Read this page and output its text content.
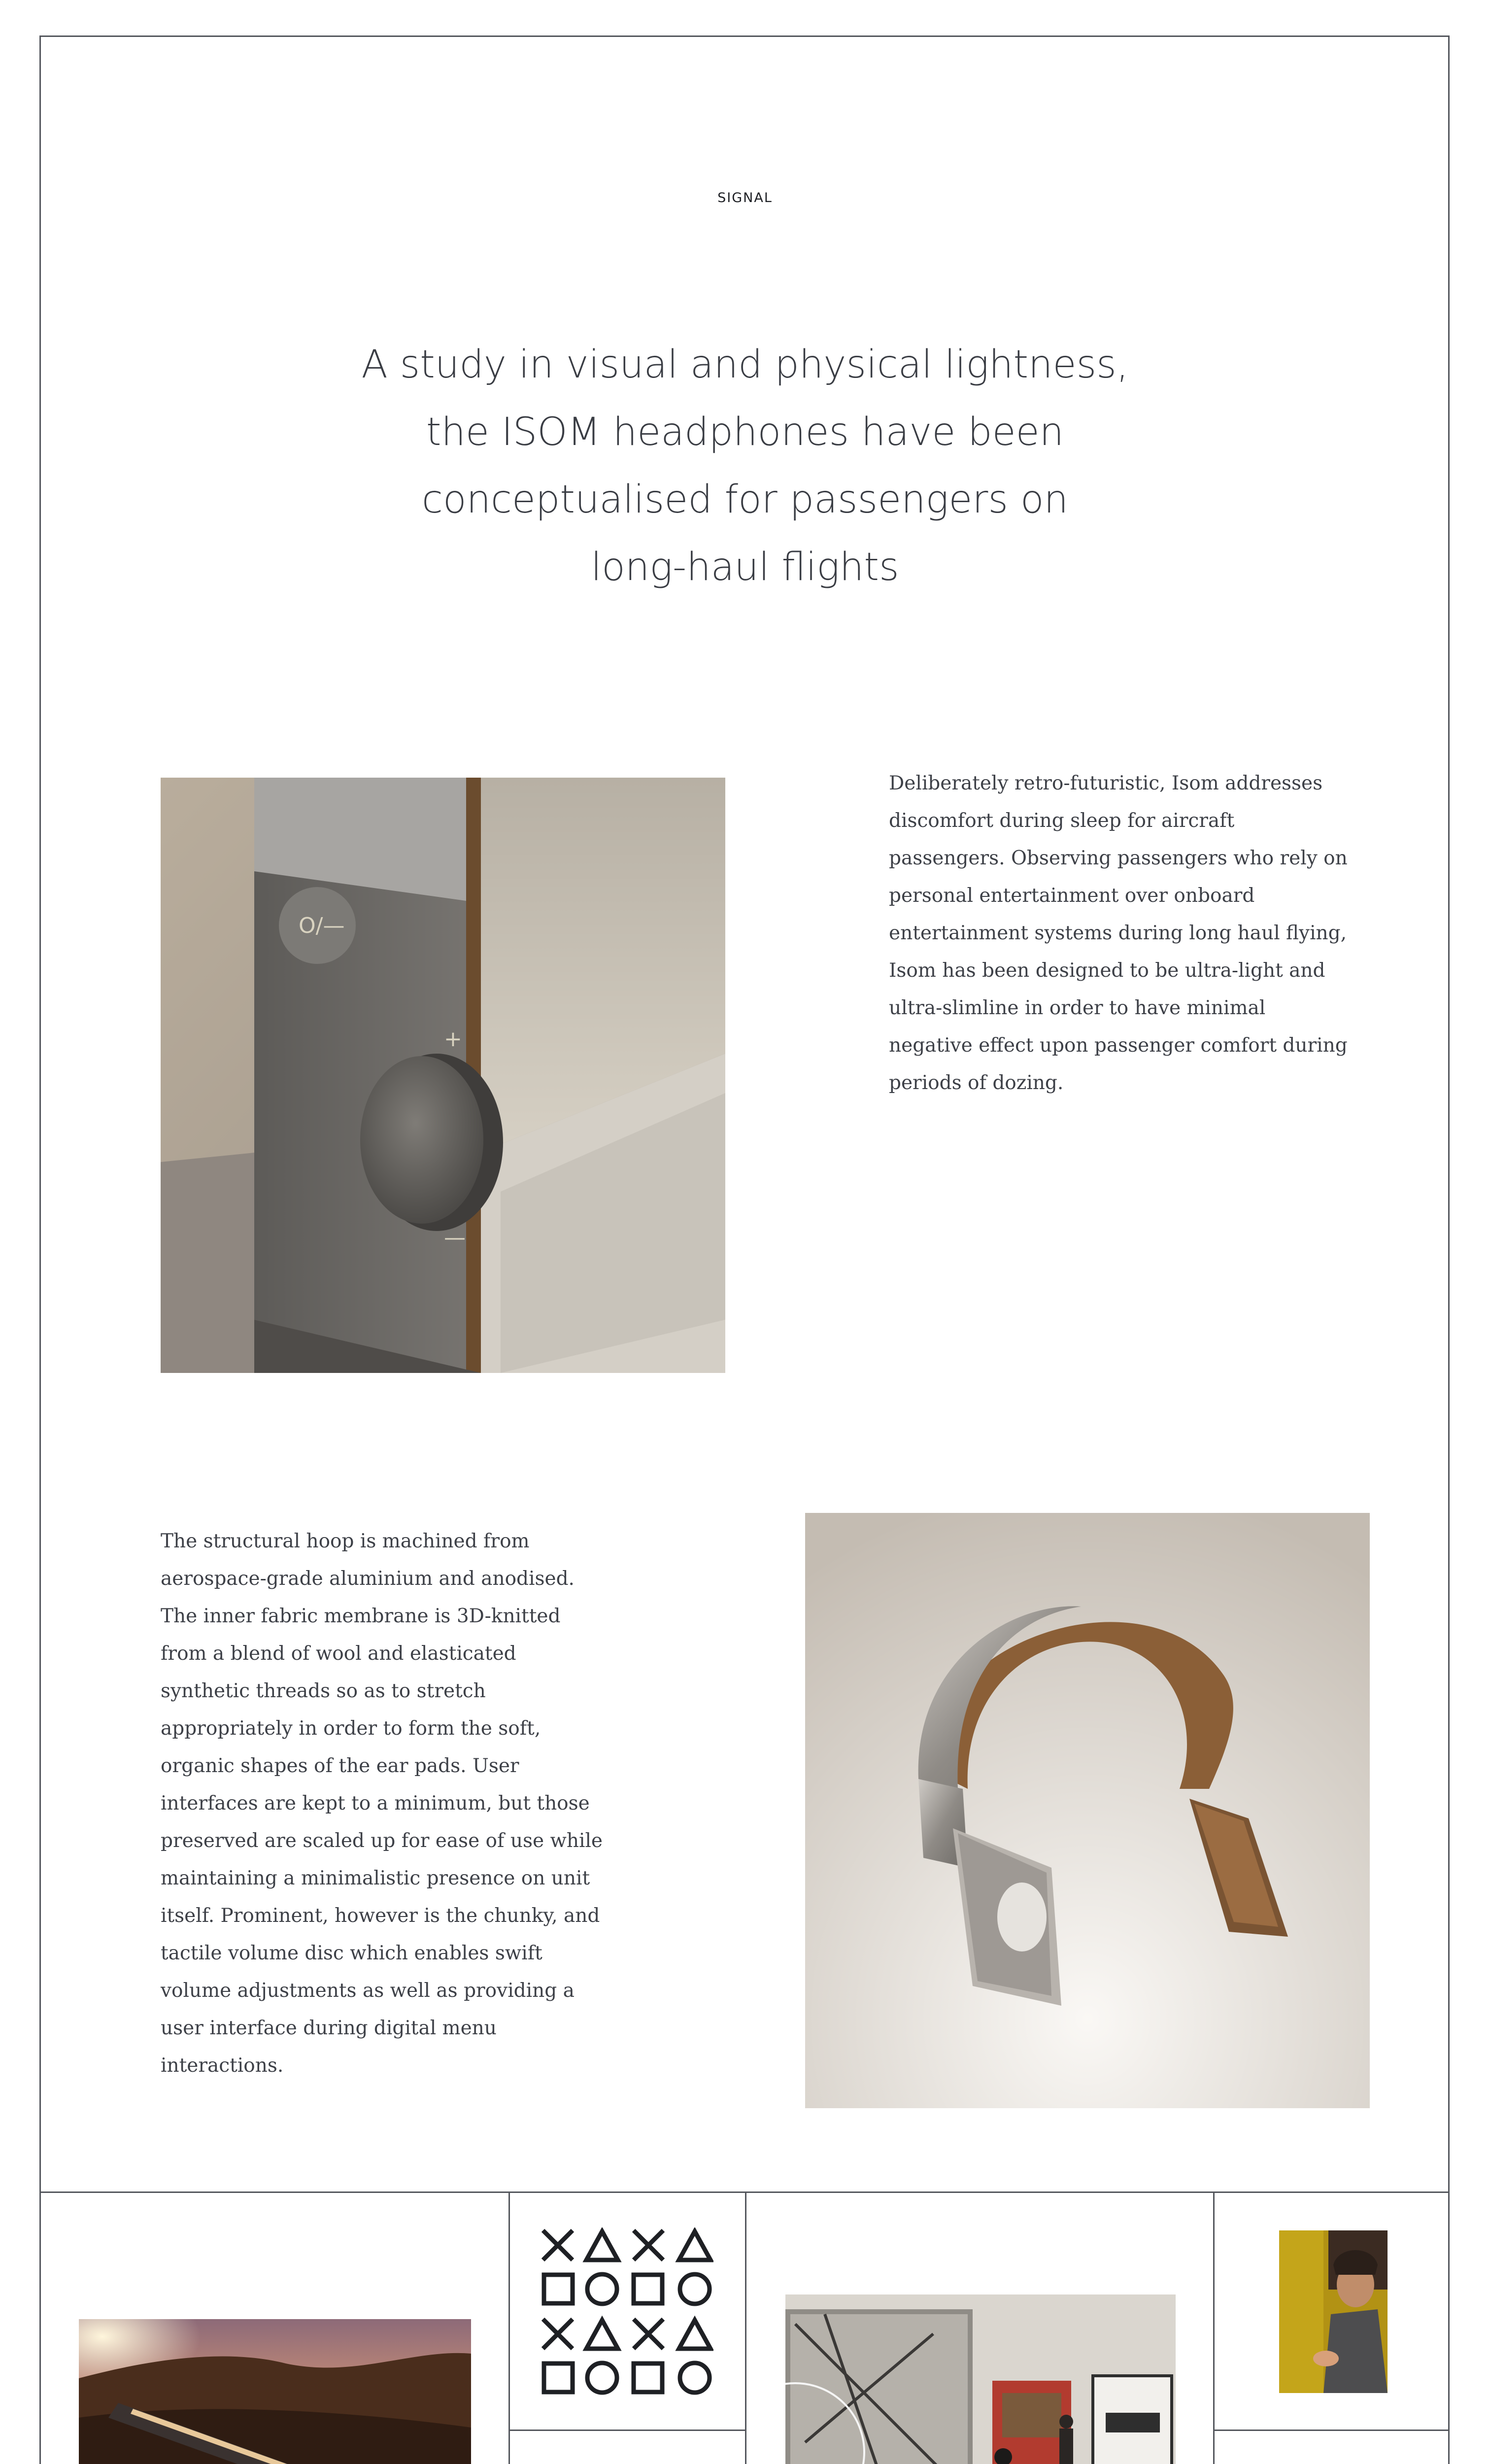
SIGNAL
A study in visual and physical lightness,
the ISOM headphones have been
conceptualised for passengers on
long-haul flights
O/—
+
—

Deliberately retro-futuristic, Isom addresses discomfort during sleep for aircraft passengers. Observing passengers who rely on personal entertainment over onboard entertainment systems during long haul flying, Isom has been designed to be ultra-light and ultra-slimline in order to have minimal negative effect upon passenger comfort during periods of dozing.

The structural hoop is machined from aerospace-grade aluminium and anodised. The inner fabric membrane is 3D-knitted from a blend of wool and elasticated synthetic threads so as to stretch appropriately in order to form the soft, organic shapes of the ear pads. User interfaces are kept to a minimum, but those preserved are scaled up for ease of use while maintaining a minimalistic presence on unit itself. Prominent, however is the chunky, and tactile volume disc which enables swift volume adjustments as well as providing a user interface during digital menu interactions.
